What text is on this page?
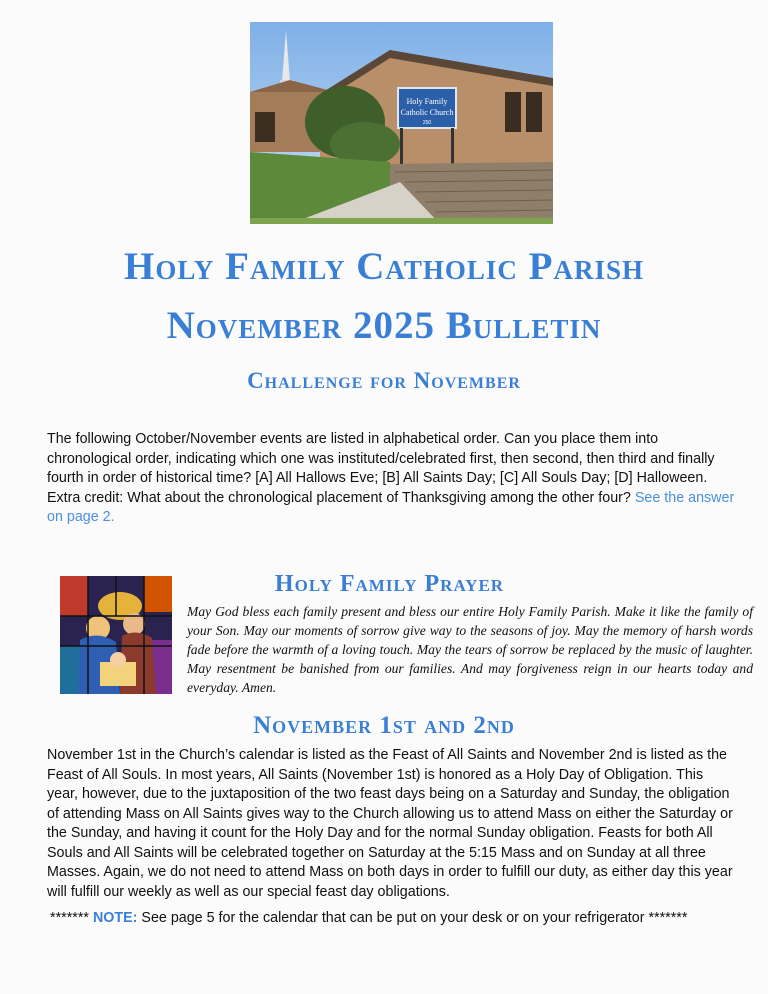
Holy Family
Catholic Church
250
Holy Family Catholic Parish
November 2025 Bulletin
Challenge for November
The following October/November events are listed in alphabetical order. Can you place them into chronological order, indicating which one was instituted/celebrated first, then second, then third and finally fourth in order of historical time? [A] All Hallows Eve; [B] All Saints Day; [C] All Souls Day; [D] Halloween. Extra credit: What about the chronological placement of Thanksgiving among the other four? See the answer on page 2.
Holy Family Prayer
May God bless each family present and bless our entire Holy Family Parish. Make it like the family of your Son. May our moments of sorrow give way to the seasons of joy. May the memory of harsh words fade before the warmth of a loving touch. May the tears of sorrow be replaced by the music of laughter. May resentment be banished from our families. And may forgiveness reign in our hearts today and everyday. Amen.
November 1st and 2nd
November 1st in the Church’s calendar is listed as the Feast of All Saints and November 2nd is listed as the Feast of All Souls. In most years, All Saints (November 1st) is honored as a Holy Day of Obligation. This year, however, due to the juxtaposition of the two feast days being on a Saturday and Sunday, the obligation of attending Mass on All Saints gives way to the Church allowing us to attend Mass on either the Saturday or the Sunday, and having it count for the Holy Day and for the normal Sunday obligation. Feasts for both All Souls and All Saints will be celebrated together on Saturday at the 5:15 Mass and on Sunday at all three Masses. Again, we do not need to attend Mass on both days in order to fulfill our duty, as either day this year will fulfill our weekly as well as our special feast day obligations.
******* NOTE: See page 5 for the calendar that can be put on your desk or on your refrigerator *******
